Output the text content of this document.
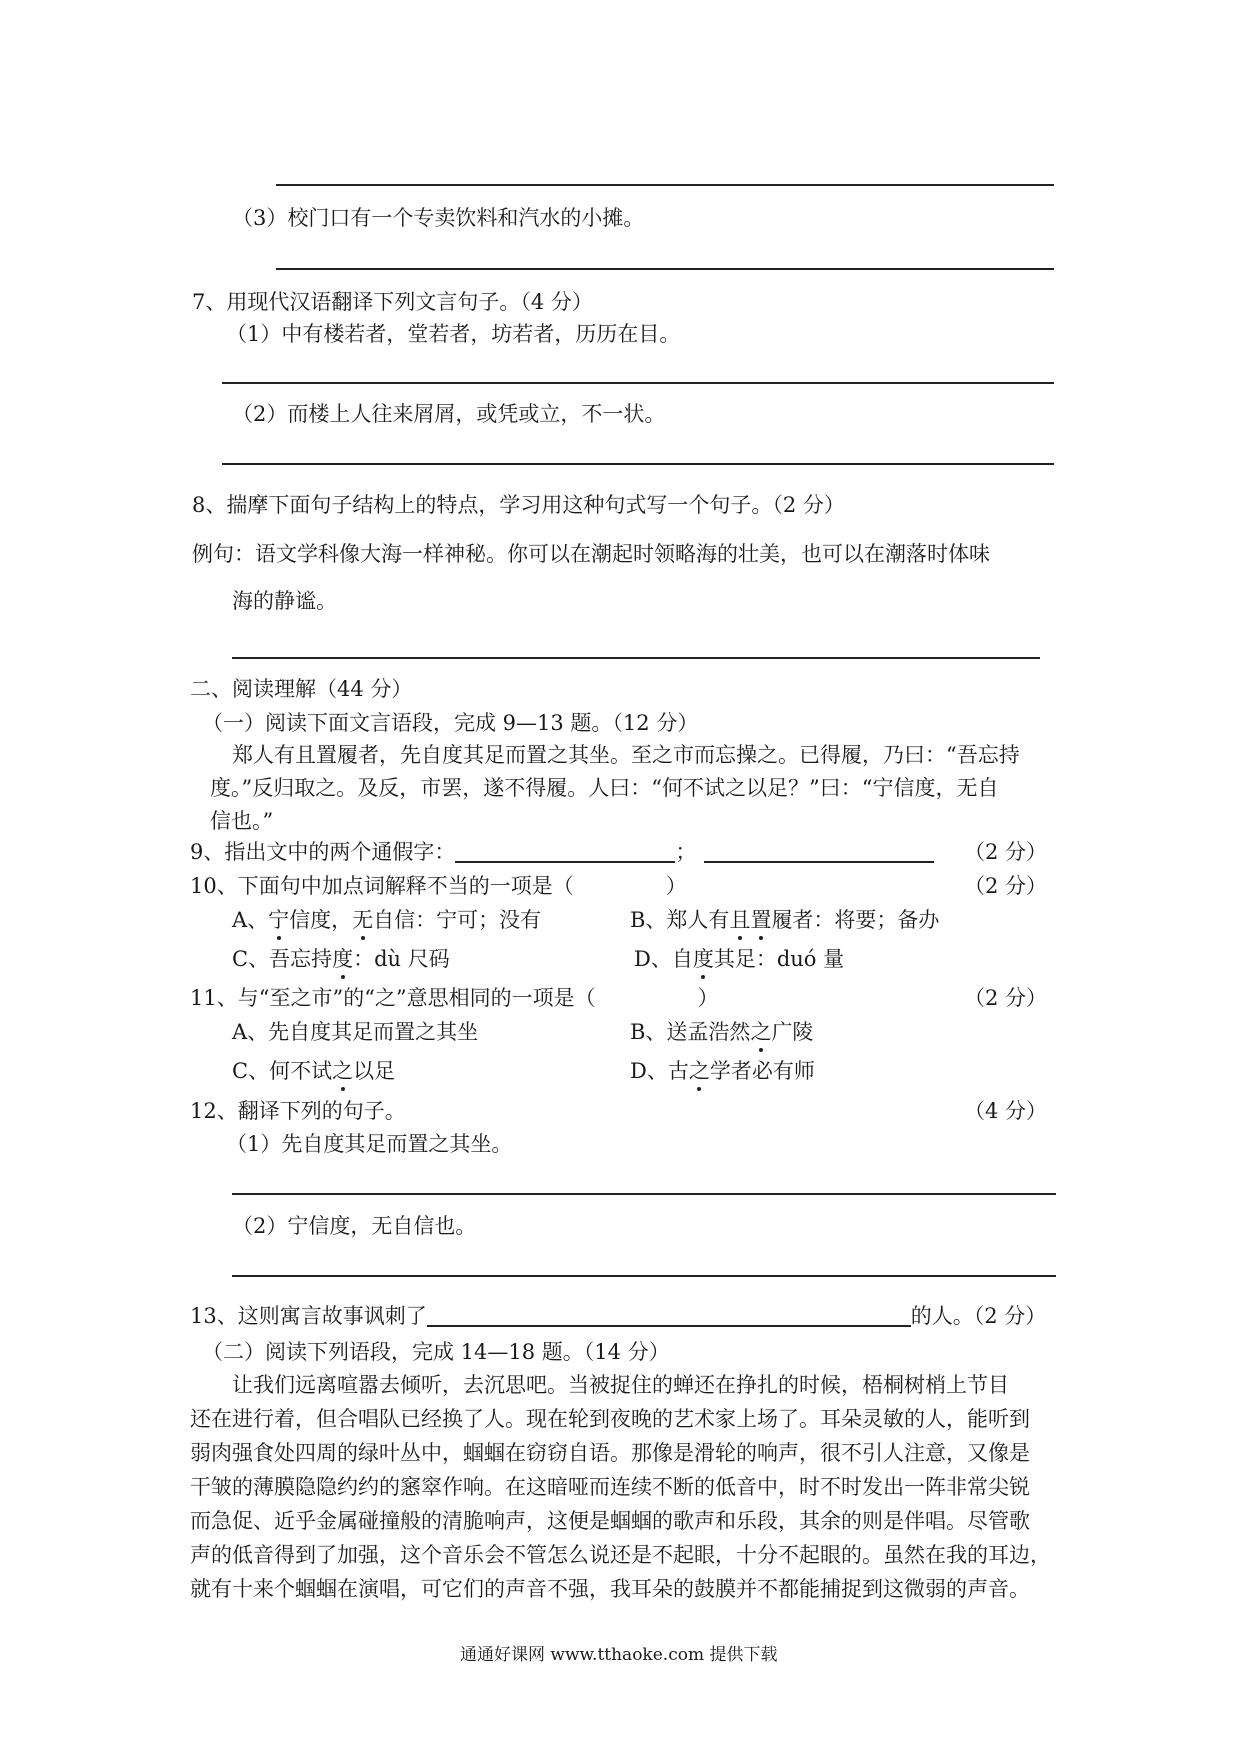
（3）校门口有一个专卖饮料和汽水的小摊。
7、用现代汉语翻译下列文言句子。（4 分）
（1）中有楼若者，堂若者，坊若者，历历在目。
（2）而楼上人往来屑屑，或凭或立，不一状。
8、揣摩下面句子结构上的特点，学习用这种句式写一个句子。（2 分）
例句：语文学科像大海一样神秘。你可以在潮起时领略海的壮美，也可以在潮落时体味
海的静谧。
二、阅读理解（44 分）
（一）阅读下面文言语段，完成 9—13 题。（12 分）
郑人有且置履者，先自度其足而置之其坐。至之市而忘操之。已得履，乃曰：“吾忘持
度。”反归取之。及反，市罢，遂不得履。人曰：“何不试之以足？”曰：“宁信度，无自
信也。”
9、指出文中的两个通假字：	；	（2 分）
10、下面句中加点词解释不当的一项是（	）	（2 分）
A、宁信度，无自信：宁可；没有	B、郑人有且置履者：将要；备办
C、吾忘持度：dù 尺码	D、自度其足：duó 量
11、与“至之市”的“之”意思相同的一项是（	）	（2 分）
A、先自度其足而置之其坐	B、送孟浩然之广陵
C、何不试之以足	D、古之学者必有师
12、翻译下列的句子。	（4 分）
（1）先自度其足而置之其坐。
（2）宁信度，无自信也。
13、这则寓言故事讽刺了	的人。（2 分）
（二）阅读下列语段，完成 14—18 题。（14 分）
让我们远离喧嚣去倾听，去沉思吧。当被捉住的蝉还在挣扎的时候，梧桐树梢上节目
还在进行着，但合唱队已经换了人。现在轮到夜晚的艺术家上场了。耳朵灵敏的人，能听到
弱肉强食处四周的绿叶丛中，蝈蝈在窃窃自语。那像是滑轮的响声，很不引人注意，又像是
干皱的薄膜隐隐约约的窸窣作响。在这暗哑而连续不断的低音中，时不时发出一阵非常尖锐
而急促、近乎金属碰撞般的清脆响声，这便是蝈蝈的歌声和乐段，其余的则是伴唱。尽管歌
声的低音得到了加强，这个音乐会不管怎么说还是不起眼，十分不起眼的。虽然在我的耳边，
就有十来个蝈蝈在演唱，可它们的声音不强，我耳朵的鼓膜并不都能捕捉到这微弱的声音。
通通好课网 www.tthaoke.com 提供下载
